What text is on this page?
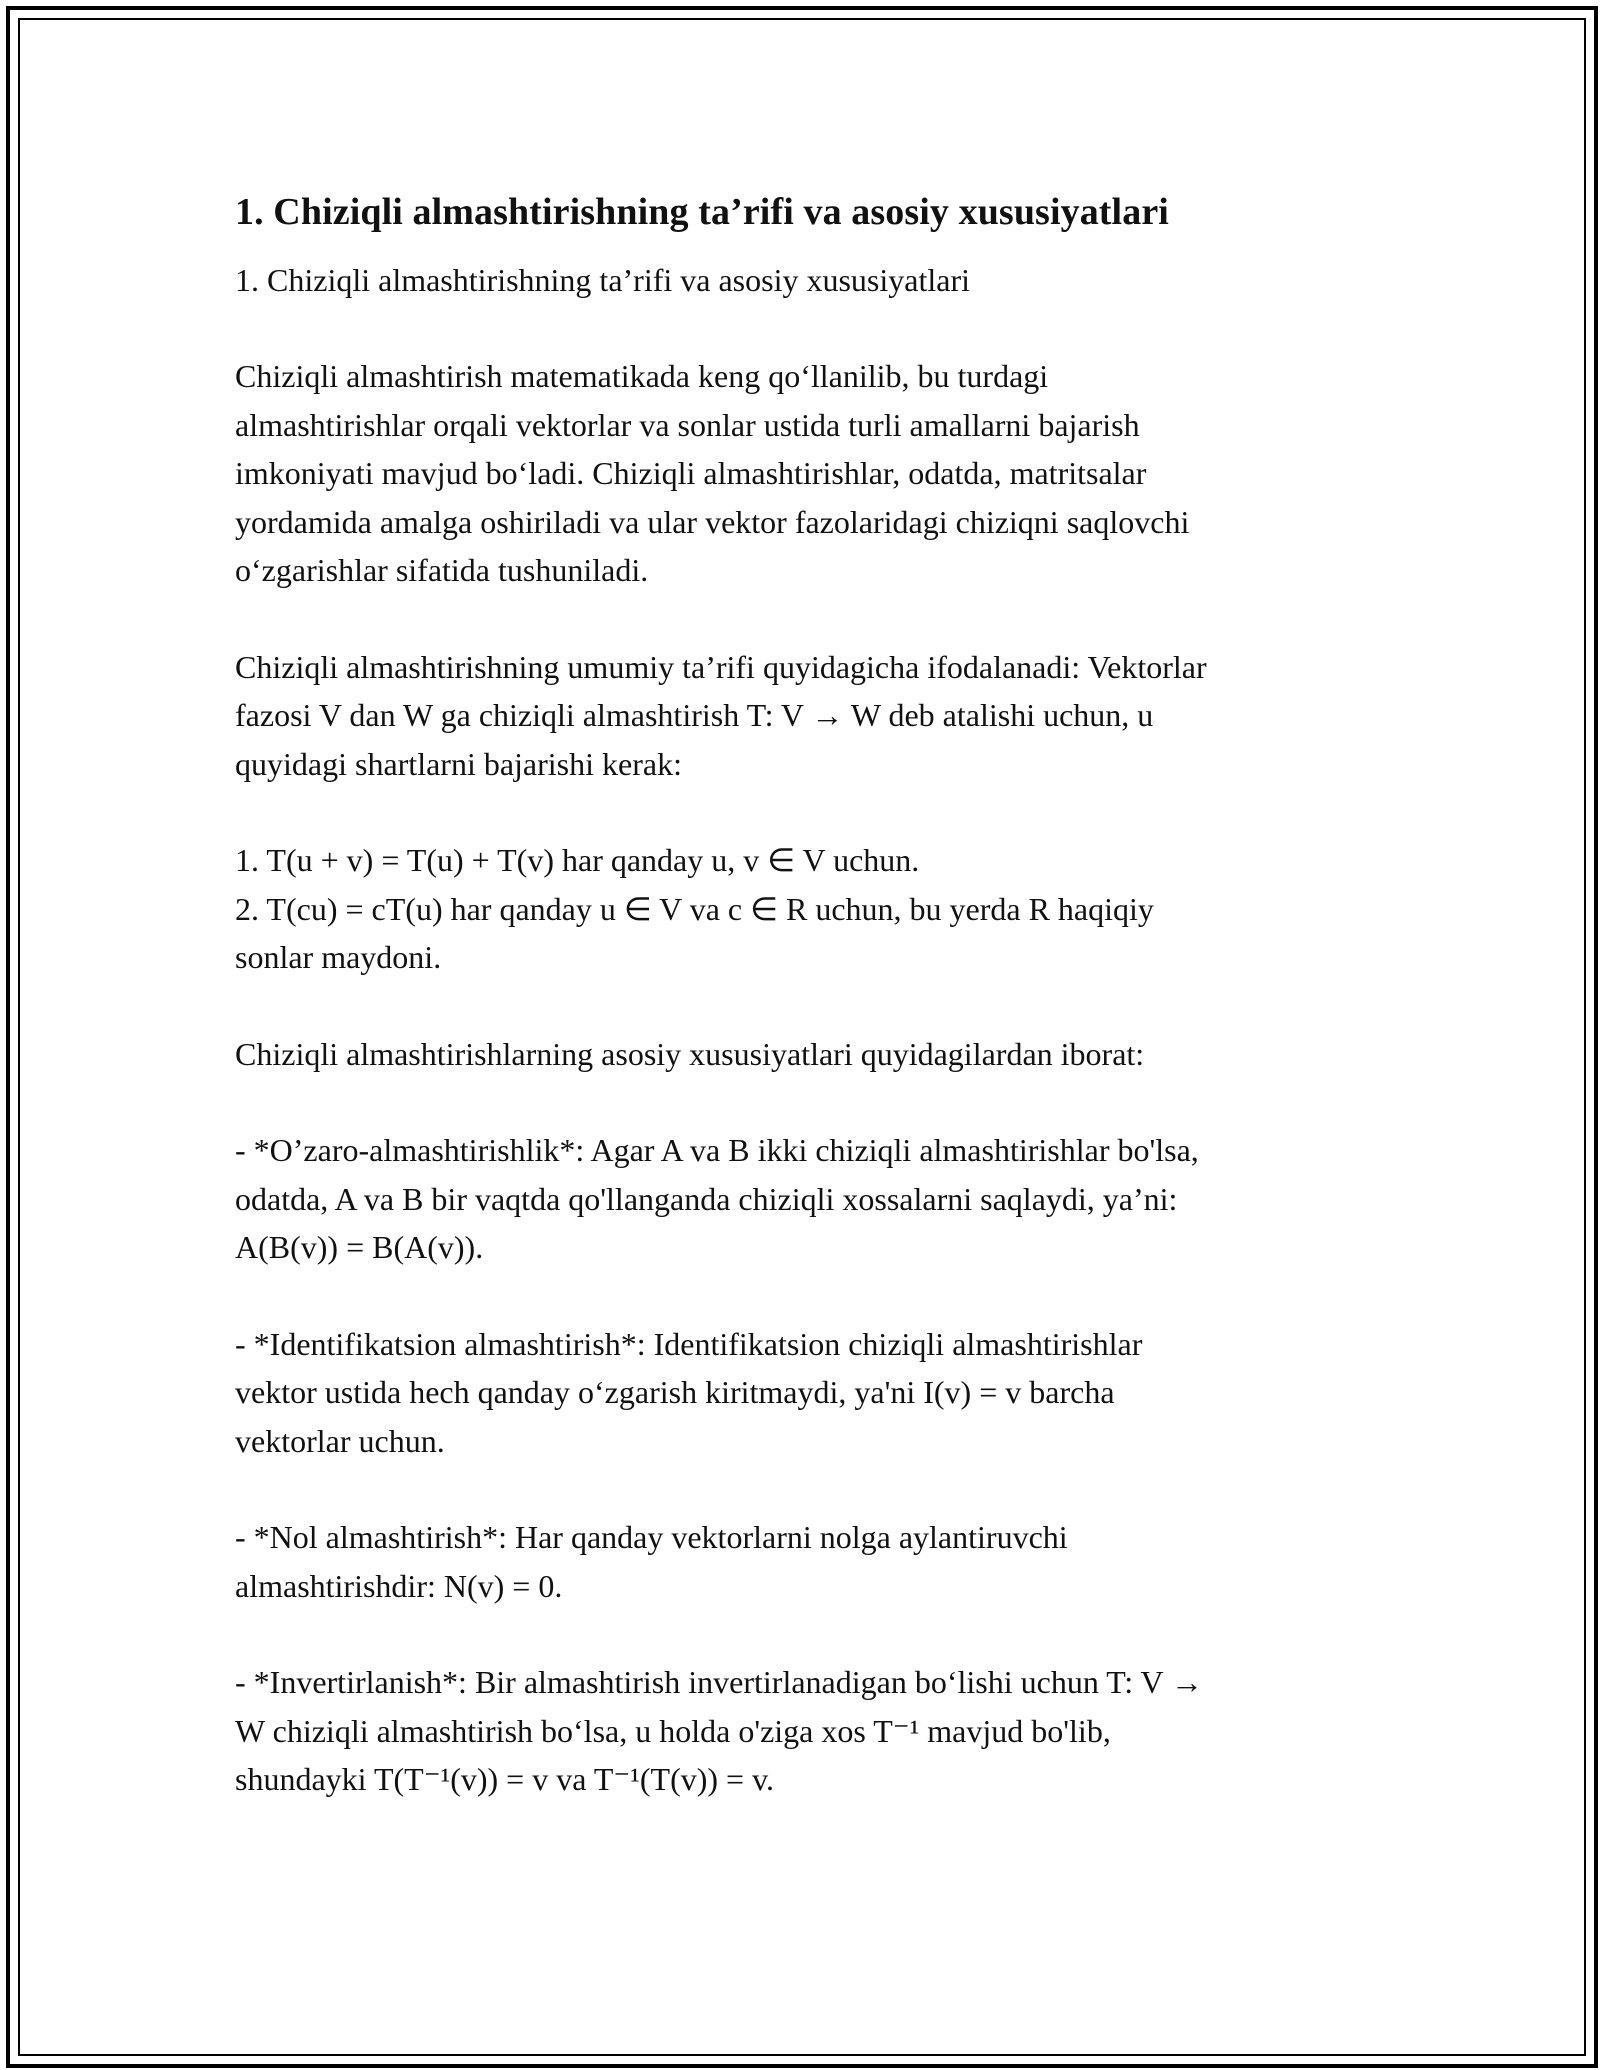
1. Chiziqli almashtirishning ta’rifi va asosiy xususiyatlari

1. Chiziqli almashtirishning ta’rifi va asosiy xususiyatlari

Chiziqli almashtirish matematikada keng qo‘llanilib, bu turdagi
almashtirishlar orqali vektorlar va sonlar ustida turli amallarni bajarish
imkoniyati mavjud bo‘ladi. Chiziqli almashtirishlar, odatda, matritsalar
yordamida amalga oshiriladi va ular vektor fazolaridagi chiziqni saqlovchi
o‘zgarishlar sifatida tushuniladi.

Chiziqli almashtirishning umumiy ta’rifi quyidagicha ifodalanadi: Vektorlar
fazosi V dan W ga chiziqli almashtirish T: V → W deb atalishi uchun, u
quyidagi shartlarni bajarishi kerak:

1. T(u + v) = T(u) + T(v) har qanday u, v ∈ V uchun.
2. T(cu) = cT(u) har qanday u ∈ V va c ∈ R uchun, bu yerda R haqiqiy
sonlar maydoni.

Chiziqli almashtirishlarning asosiy xususiyatlari quyidagilardan iborat:

- *O’zaro-almashtirishlik*: Agar A va B ikki chiziqli almashtirishlar bo'lsa,
odatda, A va B bir vaqtda qo'llanganda chiziqli xossalarni saqlaydi, ya’ni:
A(B(v)) = B(A(v)).

- *Identifikatsion almashtirish*: Identifikatsion chiziqli almashtirishlar
vektor ustida hech qanday o‘zgarish kiritmaydi, ya'ni I(v) = v barcha
vektorlar uchun.

- *Nol almashtirish*: Har qanday vektorlarni nolga aylantiruvchi
almashtirishdir: N(v) = 0.

- *Invertirlanish*: Bir almashtirish invertirlanadigan bo‘lishi uchun T: V →
W chiziqli almashtirish bo‘lsa, u holda o'ziga xos T⁻¹ mavjud bo'lib,
shundayki T(T⁻¹(v)) = v va T⁻¹(T(v)) = v.
